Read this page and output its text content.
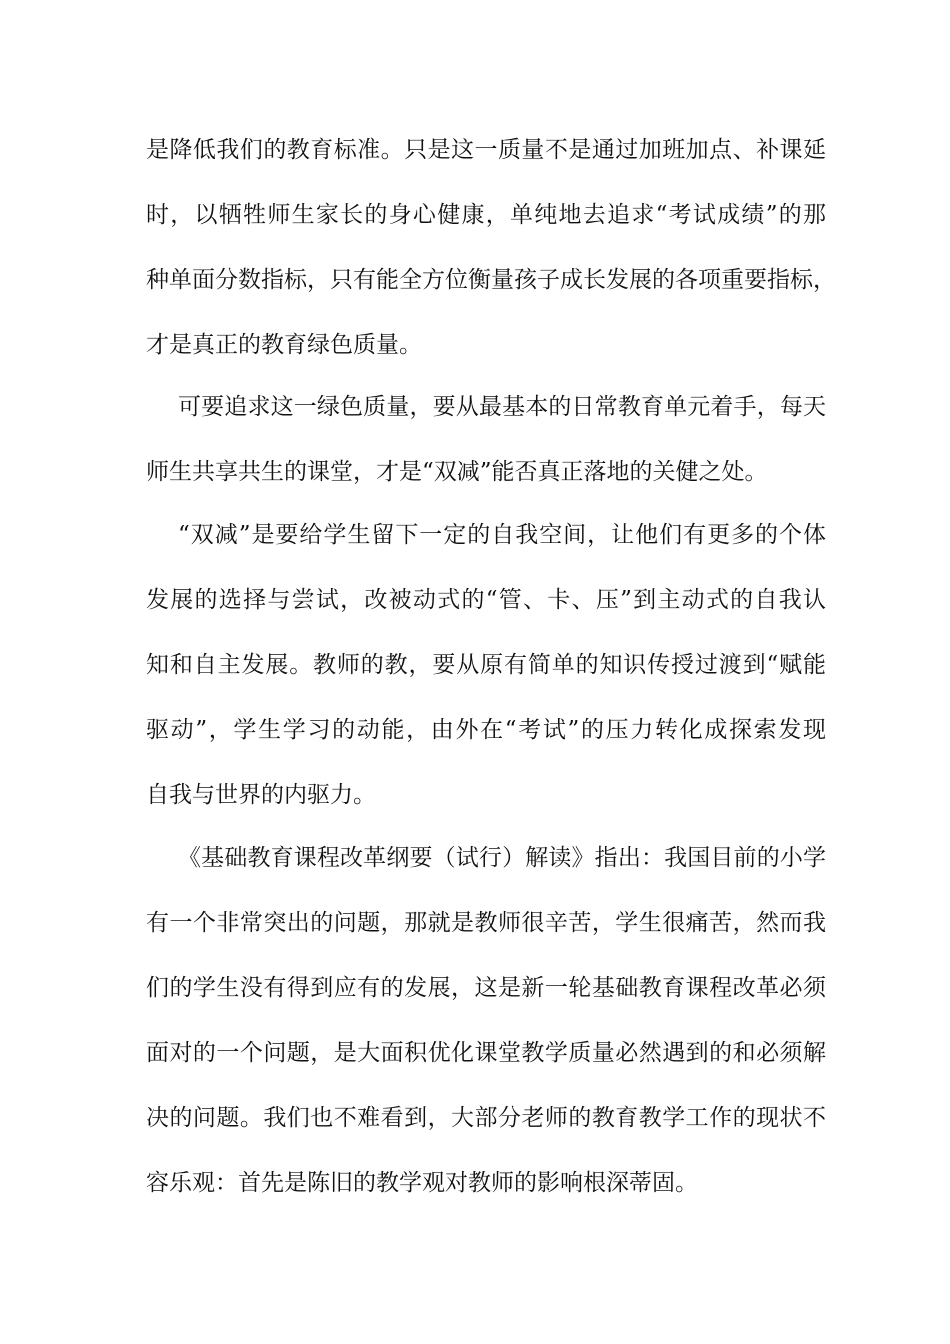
是降低我们的教育标准。只是这一质量不是通过加班加点、补课延
时，以牺牲师生家长的身心健康，单纯地去追求“考试成绩”的那
种单面分数指标，只有能全方位衡量孩子成长发展的各项重要指标，
才是真正的教育绿色质量。
可要追求这一绿色质量，要从最基本的日常教育单元着手，每天
师生共享共生的课堂，才是“双减”能否真正落地的关健之处。
“双减”是要给学生留下一定的自我空间，让他们有更多的个体
发展的选择与尝试，改被动式的“管、卡、压”到主动式的自我认
知和自主发展。教师的教，要从原有简单的知识传授过渡到“赋能
驱动”，学生学习的动能，由外在“考试”的压力转化成探索发现
自我与世界的内驱力。
《基础教育课程改革纲要（试行）解读》指出：我国目前的小学
有一个非常突出的问题，那就是教师很辛苦，学生很痛苦，然而我
们的学生没有得到应有的发展，这是新一轮基础教育课程改革必须
面对的一个问题，是大面积优化课堂教学质量必然遇到的和必须解
决的问题。我们也不难看到，大部分老师的教育教学工作的现状不
容乐观：首先是陈旧的教学观对教师的影响根深蒂固。
